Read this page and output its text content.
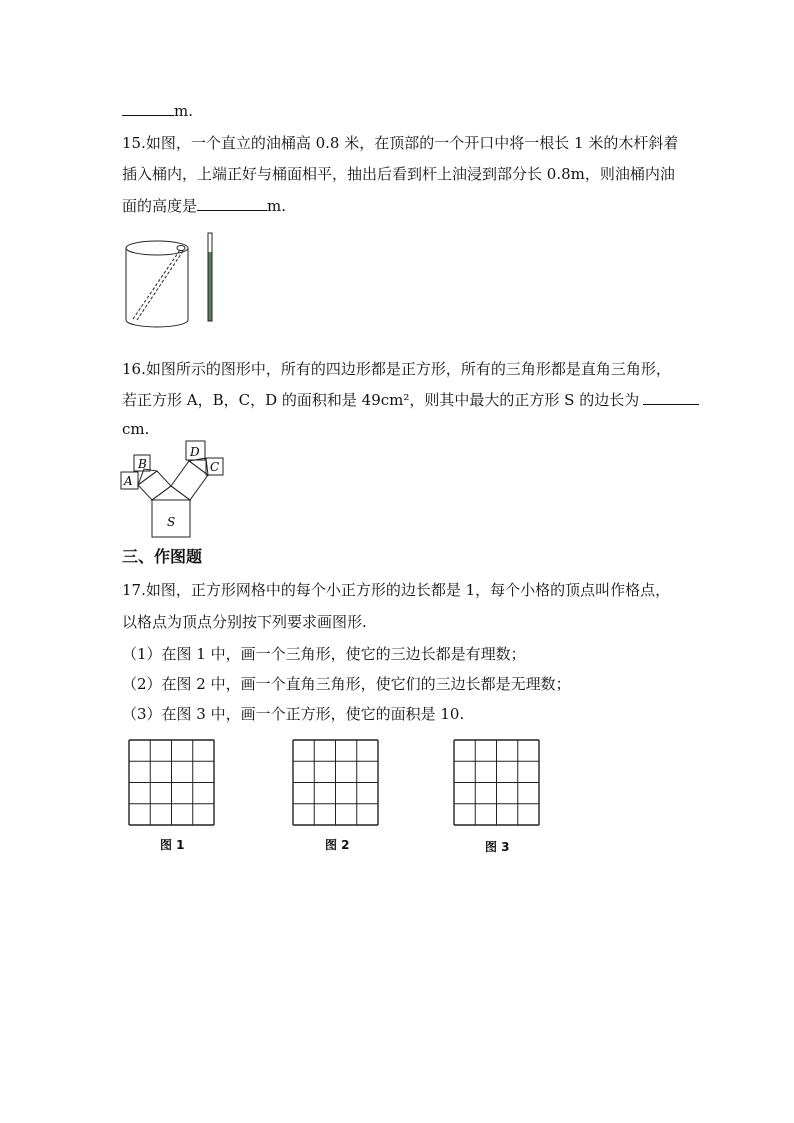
m.
15.如图，一个直立的油桶高 0.8 米，在顶部的一个开口中将一根长 1 米的木杆斜着
插入桶内，上端正好与桶面相平，抽出后看到杆上油浸到部分长 0.8m，则油桶内油
面的高度是	m.
16.如图所示的图形中，所有的四边形都是正方形，所有的三角形都是直角三角形，
若正方形 A，B，C，D 的面积和是 49cm²，则其中最大的正方形 S 的边长为
cm.
A
B
D
C
S
三、作图题
17.如图，正方形网格中的每个小正方形的边长都是 1，每个小格的顶点叫作格点，
以格点为顶点分别按下列要求画图形.
（1）在图 1 中，画一个三角形，使它的三边长都是有理数；
（2）在图 2 中，画一个直角三角形，使它们的三边长都是无理数；
（3）在图 3 中，画一个正方形，使它的面积是 10.
图 1	图 2	图 3
